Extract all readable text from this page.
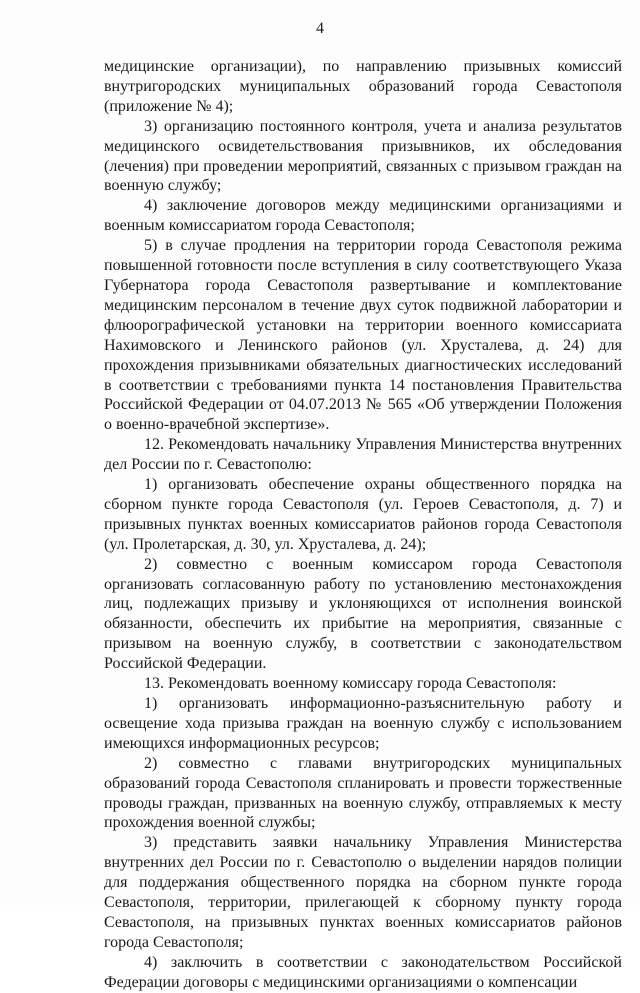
4

медицинские организации), по направлению призывных комиссий внутригородских муниципальных образований города Севастополя (приложение № 4);

3) организацию постоянного контроля, учета и анализа результатов медицинского освидетельствования призывников, их обследования (лечения) при проведении мероприятий, связанных с призывом граждан на военную службу;

4) заключение договоров между медицинскими организациями и военным комиссариатом города Севастополя;

5) в случае продления на территории города Севастополя режима повышенной готовности после вступления в силу соответствующего Указа Губернатора города Севастополя развертывание и комплектование медицинским персоналом в течение двух суток подвижной лаборатории и флюорографической установки на территории военного комиссариата Нахимовского и Ленинского районов (ул. Хрусталева, д. 24) для прохождения призывниками обязательных диагностических исследований в соответствии с требованиями пункта 14 постановления Правительства Российской Федерации от 04.07.2013 № 565 «Об утверждении Положения о военно-врачебной экспертизе».

12. Рекомендовать начальнику Управления Министерства внутренних дел России по г. Севастополю:

1) организовать обеспечение охраны общественного порядка на сборном пункте города Севастополя (ул. Героев Севастополя, д. 7) и призывных пунктах военных комиссариатов районов города Севастополя (ул. Пролетарская, д. 30, ул. Хрусталева, д. 24);

2) совместно с военным комиссаром города Севастополя организовать согласованную работу по установлению местонахождения лиц, подлежащих призыву и уклоняющихся от исполнения воинской обязанности, обеспечить их прибытие на мероприятия, связанные с призывом на военную службу, в соответствии с законодательством Российской Федерации.

13. Рекомендовать военному комиссару города Севастополя:

1) организовать информационно-разъяснительную работу и освещение хода призыва граждан на военную службу с использованием имеющихся информационных ресурсов;

2) совместно с главами внутригородских муниципальных образований города Севастополя спланировать и провести торжественные проводы граждан, призванных на военную службу, отправляемых к месту прохождения военной службы;

3) представить заявки начальнику Управления Министерства внутренних дел России по г. Севастополю о выделении нарядов полиции для поддержания общественного порядка на сборном пункте города Севастополя, территории, прилегающей к сборному пункту города Севастополя, на призывных пунктах военных комиссариатов районов города Севастополя;

4) заключить в соответствии с законодательством Российской Федерации договоры с медицинскими организациями о компенсации
